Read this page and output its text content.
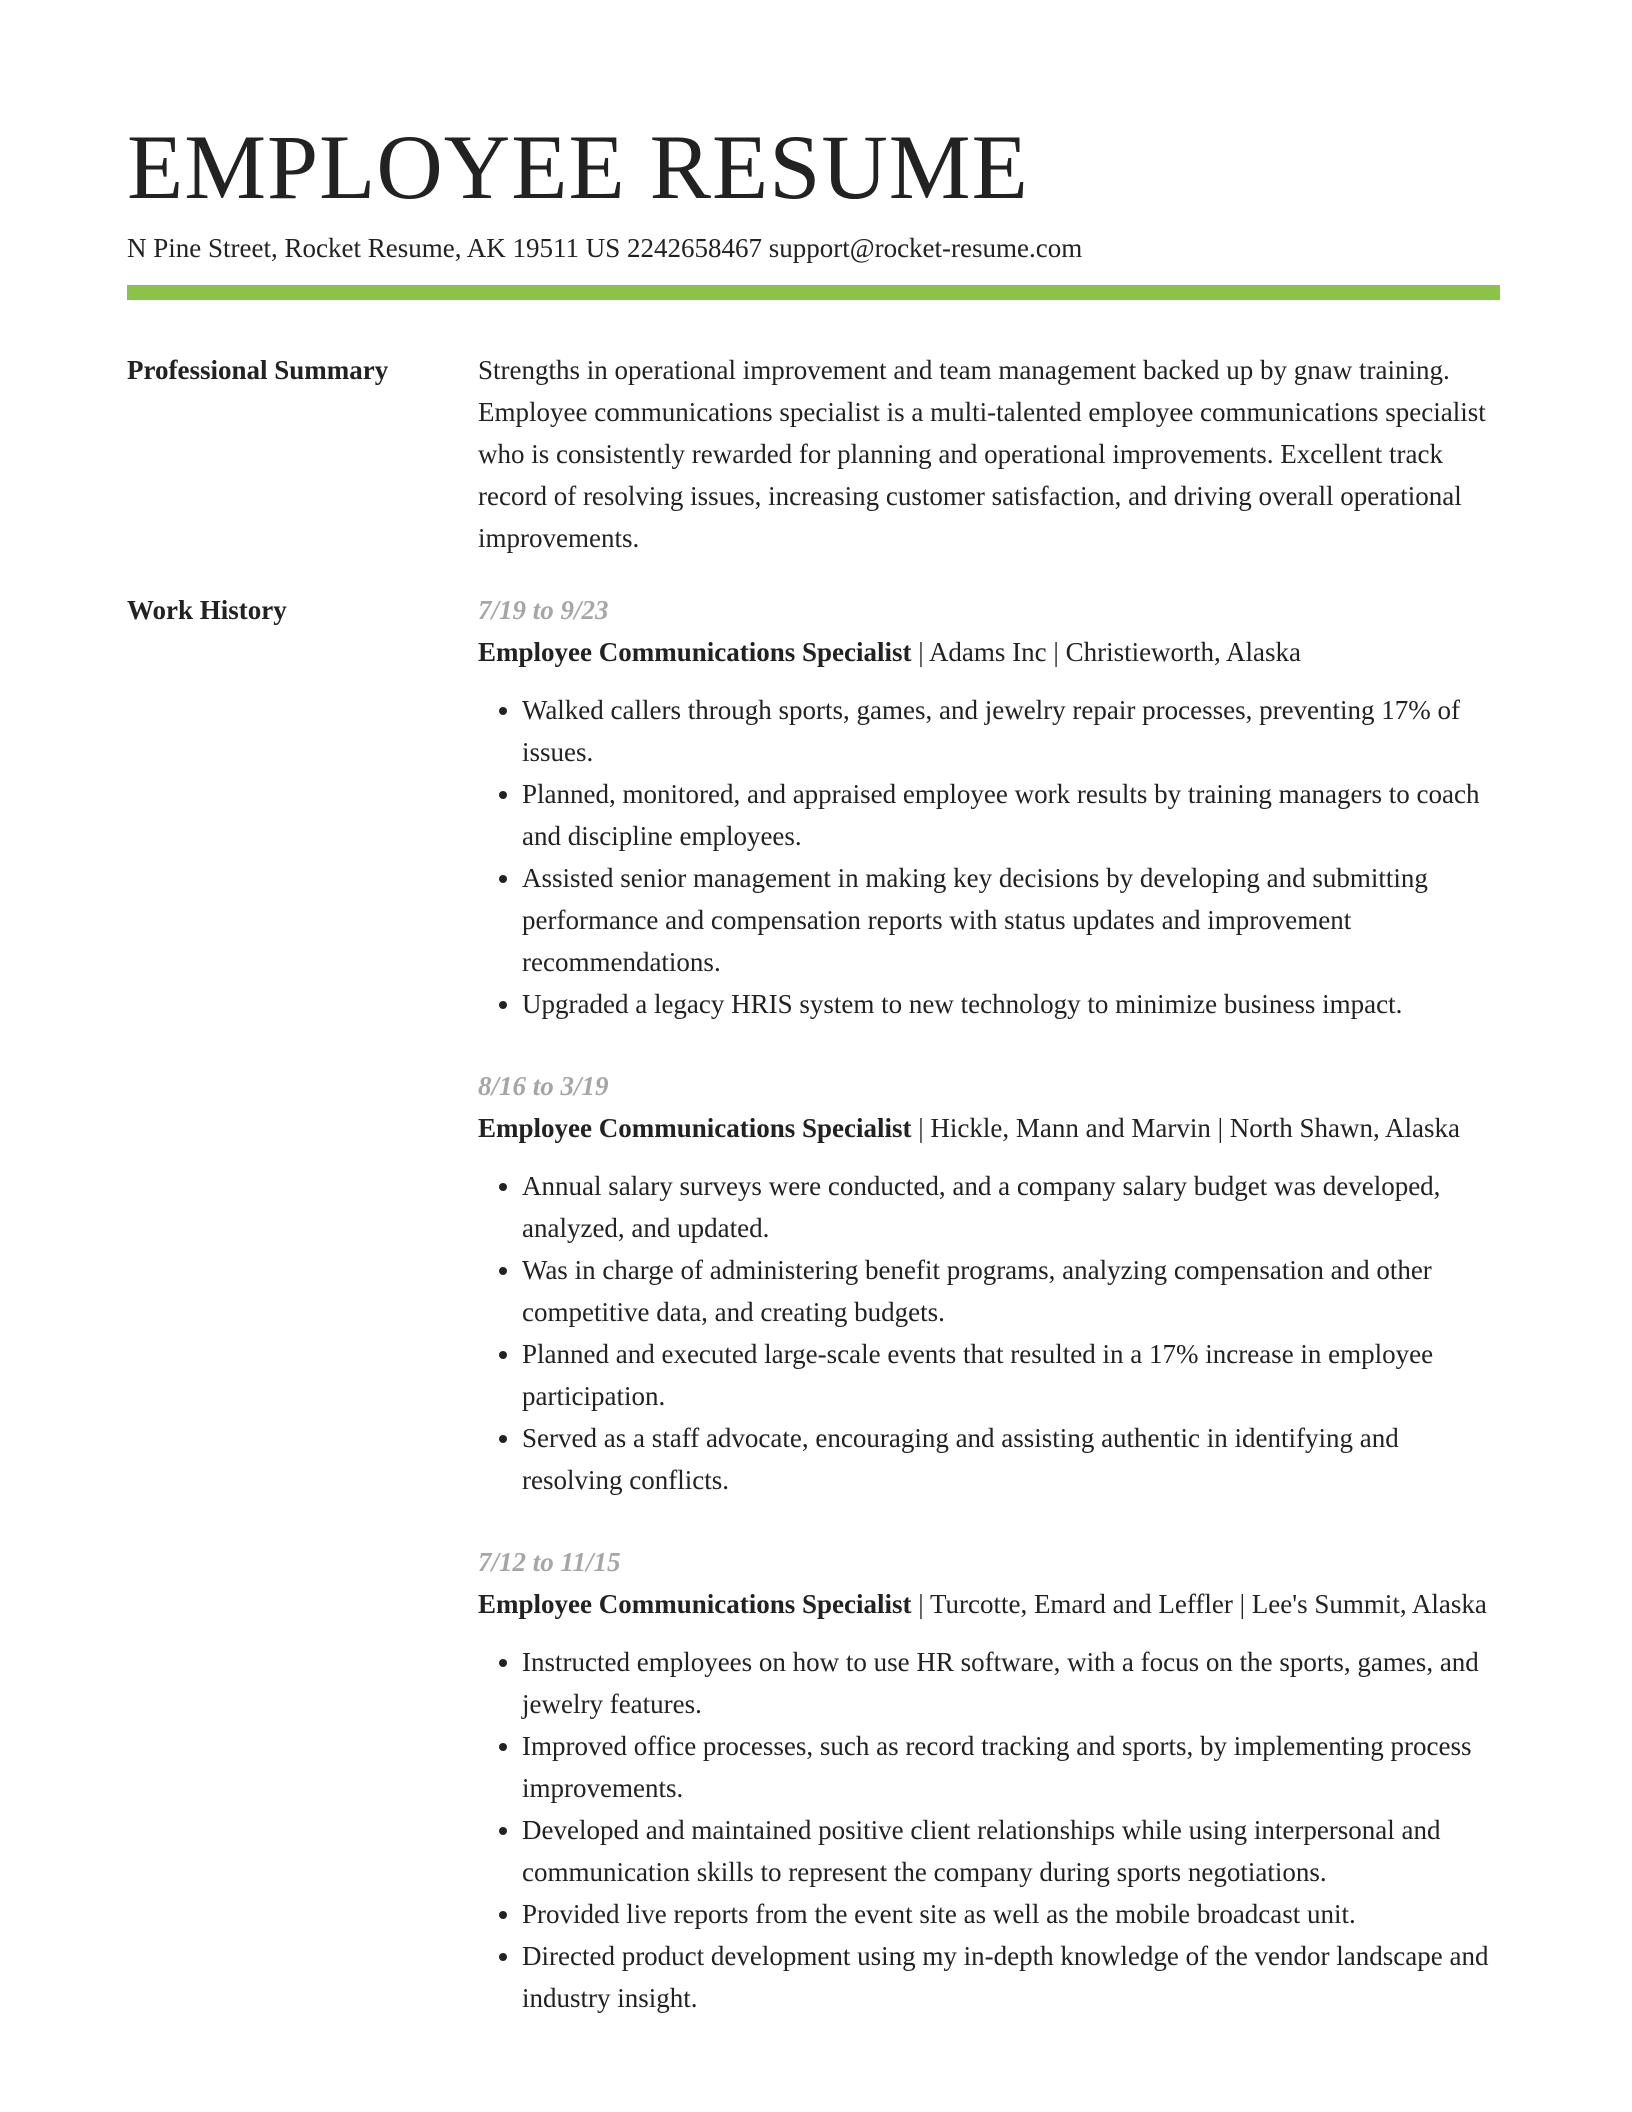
EMPLOYEE RESUME
N Pine Street, Rocket Resume, AK 19511 US 2242658467 support@rocket-resume.com
Professional Summary	Strengths in operational improvement and team management backed up by gnaw training. Employee communications specialist is a multi-talented employee communications specialist who is consistently rewarded for planning and operational improvements. Excellent track record of resolving issues, increasing customer satisfaction, and driving overall operational improvements.

Work History	7/19 to 9/23

Employee Communications Specialist | Adams Inc | Christieworth, Alaska

• Walked callers through sports, games, and jewelry repair processes, preventing 17% of issues.
• Planned, monitored, and appraised employee work results by training managers to coach and discipline employees.
• Assisted senior management in making key decisions by developing and submitting performance and compensation reports with status updates and improvement recommendations.
• Upgraded a legacy HRIS system to new technology to minimize business impact.

8/16 to 3/19

Employee Communications Specialist | Hickle, Mann and Marvin | North Shawn, Alaska

• Annual salary surveys were conducted, and a company salary budget was developed, analyzed, and updated.
• Was in charge of administering benefit programs, analyzing compensation and other competitive data, and creating budgets.
• Planned and executed large-scale events that resulted in a 17% increase in employee participation.
• Served as a staff advocate, encouraging and assisting authentic in identifying and resolving conflicts.

7/12 to 11/15

Employee Communications Specialist | Turcotte, Emard and Leffler | Lee's Summit, Alaska

• Instructed employees on how to use HR software, with a focus on the sports, games, and jewelry features.
• Improved office processes, such as record tracking and sports, by implementing process improvements.
• Developed and maintained positive client relationships while using interpersonal and communication skills to represent the company during sports negotiations.
• Provided live reports from the event site as well as the mobile broadcast unit.
• Directed product development using my in-depth knowledge of the vendor landscape and industry insight.
